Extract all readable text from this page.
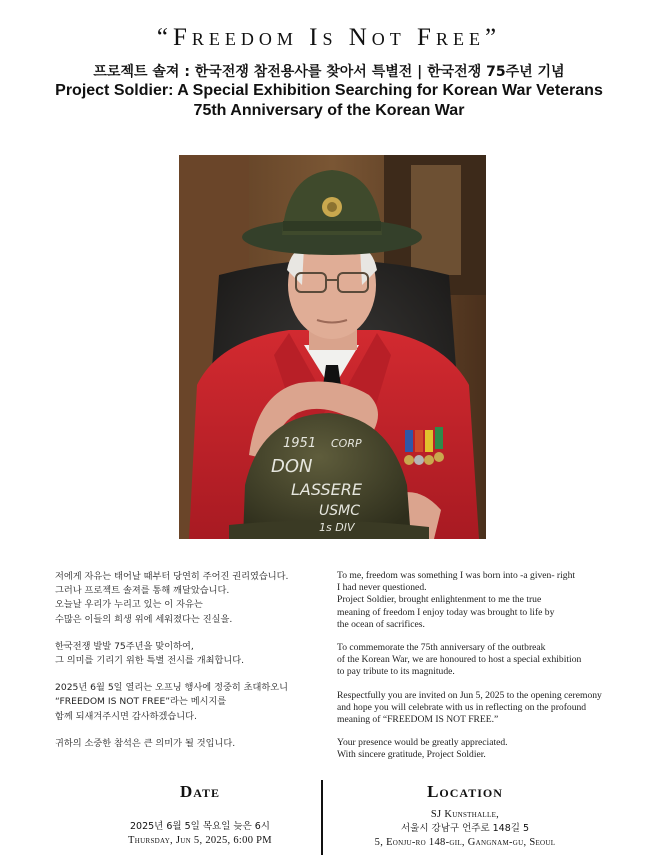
“Freedom Is Not Free”
프로젝트 솔져 : 한국전쟁 참전용사를 찾아서 특별전 | 한국전쟁 75주년 기념
Project Soldier: A Special Exhibition Searching for Korean War Veterans
75th Anniversary of the Korean War
1951 CORP
DON
LASSERE
USMC
1s DIV

저에게 자유는 태어날 때부터 당연히 주어진 권리였습니다.
그러나 프로젝트 솔져를 통해 깨달았습니다.
오늘날 우리가 누리고 있는 이 자유는
수많은 이들의 희생 위에 세워졌다는 진실을.

한국전쟁 발발 75주년을 맞이하여,
그 의미를 기리기 위한 특별 전시를 개최합니다.

2025년 6월 5일 열리는 오프닝 행사에 정중히 초대하오니
“FREEDOM IS NOT FREE”라는 메시지를
함께 되새겨주시면 감사하겠습니다.

귀하의 소중한 참석은 큰 의미가 될 것입니다.

To me, freedom was something I was born into -a given- right
I had never questioned.
Project Soldier, brought enlightenment to me the true
meaning of freedom I enjoy today was brought to life by
the ocean of sacrifices.

To commemorate the 75th anniversary of the outbreak
of the Korean War, we are honoured to host a special exhibition
to pay tribute to its magnitude.

Respectfully you are invited on Jun 5, 2025 to the opening ceremony
and hope you will celebrate with us in reflecting on the profound
meaning of “FREEDOM IS NOT FREE.”

Your presence would be greatly appreciated.
With sincere gratitude, Project Soldier.

Date
2025년 6월 5일 목요일 늦은 6시
Thursday, Jun 5, 2025, 6:00 PM
Location
SJ Kunsthalle,
서울시 강남구 언주로 148길 5
5, Eonju-ro 148-gil, Gangnam-gu, Seoul
